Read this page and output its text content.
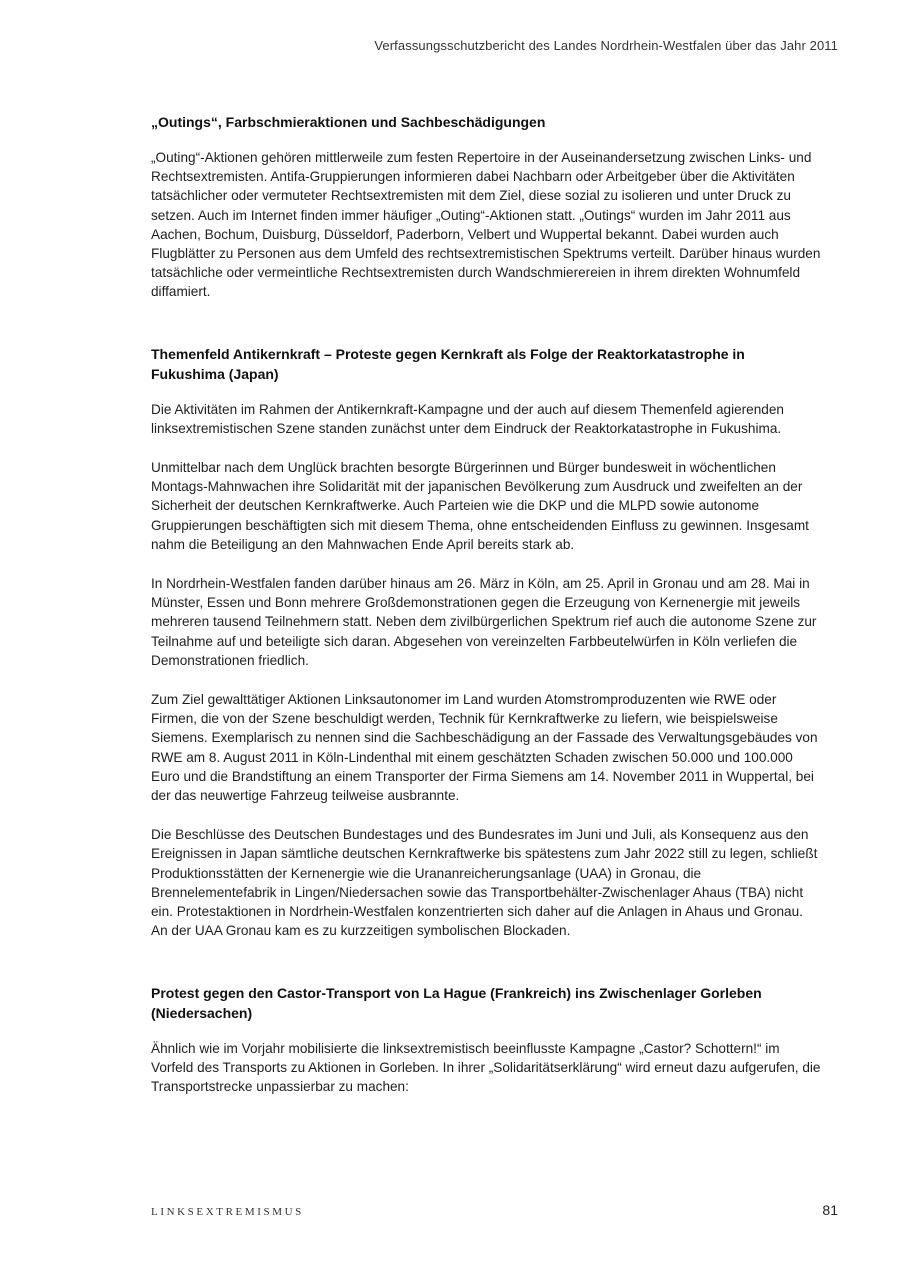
Verfassungsschutzbericht des Landes Nordrhein-Westfalen über das Jahr 2011
„Outings“, Farbschmieraktionen und Sachbeschädigungen

„Outing“-Aktionen gehören mittlerweile zum festen Repertoire in der Auseinandersetzung zwischen Links- und Rechtsextremisten. Antifa-Gruppierungen informieren dabei Nachbarn oder Arbeitgeber über die Aktivitäten tatsächlicher oder vermuteter Rechtsextremisten mit dem Ziel, diese sozial zu isolieren und unter Druck zu setzen. Auch im Internet finden immer häufiger „Outing“-Aktionen statt. „Outings“ wurden im Jahr 2011 aus Aachen, Bochum, Duisburg, Düsseldorf, Paderborn, Velbert und Wuppertal bekannt. Dabei wurden auch Flugblätter zu Personen aus dem Umfeld des rechtsextremistischen Spektrums verteilt. Darüber hinaus wurden tatsächliche oder vermeintliche Rechtsextremisten durch Wandschmierereien in ihrem direkten Wohnumfeld diffamiert.

Themenfeld Antikernkraft – Proteste gegen Kernkraft als Folge der Reaktorkatastrophe in Fukushima (Japan)

Die Aktivitäten im Rahmen der Antikernkraft-Kampagne und der auch auf diesem Themenfeld agierenden linksextremistischen Szene standen zunächst unter dem Eindruck der Reaktorkatastrophe in Fukushima.

Unmittelbar nach dem Unglück brachten besorgte Bürgerinnen und Bürger bundesweit in wöchentlichen Montags-Mahnwachen ihre Solidarität mit der japanischen Bevölkerung zum Ausdruck und zweifelten an der Sicherheit der deutschen Kernkraftwerke. Auch Parteien wie die DKP und die MLPD sowie autonome Gruppierungen beschäftigten sich mit diesem Thema, ohne entscheidenden Einfluss zu gewinnen. Insgesamt nahm die Beteiligung an den Mahnwachen Ende April bereits stark ab.

In Nordrhein-Westfalen fanden darüber hinaus am 26. März in Köln, am 25. April in Gronau und am 28. Mai in Münster, Essen und Bonn mehrere Großdemonstrationen gegen die Erzeugung von Kernenergie mit jeweils mehreren tausend Teilnehmern statt. Neben dem zivilbürgerlichen Spektrum rief auch die autonome Szene zur Teilnahme auf und beteiligte sich daran. Abgesehen von vereinzelten Farbbeutelwürfen in Köln verliefen die Demonstrationen friedlich.

Zum Ziel gewalttätiger Aktionen Linksautonomer im Land wurden Atomstromproduzenten wie RWE oder Firmen, die von der Szene beschuldigt werden, Technik für Kernkraftwerke zu liefern, wie beispielsweise Siemens. Exemplarisch zu nennen sind die Sachbeschädigung an der Fassade des Verwaltungsgebäudes von RWE am 8. August 2011 in Köln-Lindenthal mit einem geschätzten Schaden zwischen 50.000 und 100.000 Euro und die Brandstiftung an einem Transporter der Firma Siemens am 14. November 2011 in Wuppertal, bei der das neuwertige Fahrzeug teilweise ausbrannte.

Die Beschlüsse des Deutschen Bundestages und des Bundesrates im Juni und Juli, als Konsequenz aus den Ereignissen in Japan sämtliche deutschen Kernkraftwerke bis spätestens zum Jahr 2022 still zu legen, schließt Produktionsstätten der Kernenergie wie die Urananreicherungsanlage (UAA) in Gronau, die Brennelementefabrik in Lingen/Niedersachen sowie das Transportbehälter-Zwischenlager Ahaus (TBA) nicht ein. Protestaktionen in Nordrhein-Westfalen konzentrierten sich daher auf die Anlagen in Ahaus und Gronau. An der UAA Gronau kam es zu kurzzeitigen symbolischen Blockaden.

Protest gegen den Castor-Transport von La Hague (Frankreich) ins Zwischenlager Gorleben (Niedersachen)

Ähnlich wie im Vorjahr mobilisierte die linksextremistisch beeinflusste Kampagne „Castor? Schottern!“ im Vorfeld des Transports zu Aktionen in Gorleben. In ihrer „Solidaritätserklärung“ wird erneut dazu aufgerufen, die Transportstrecke unpassierbar zu machen:

LINKSEXTREMISMUS	81
